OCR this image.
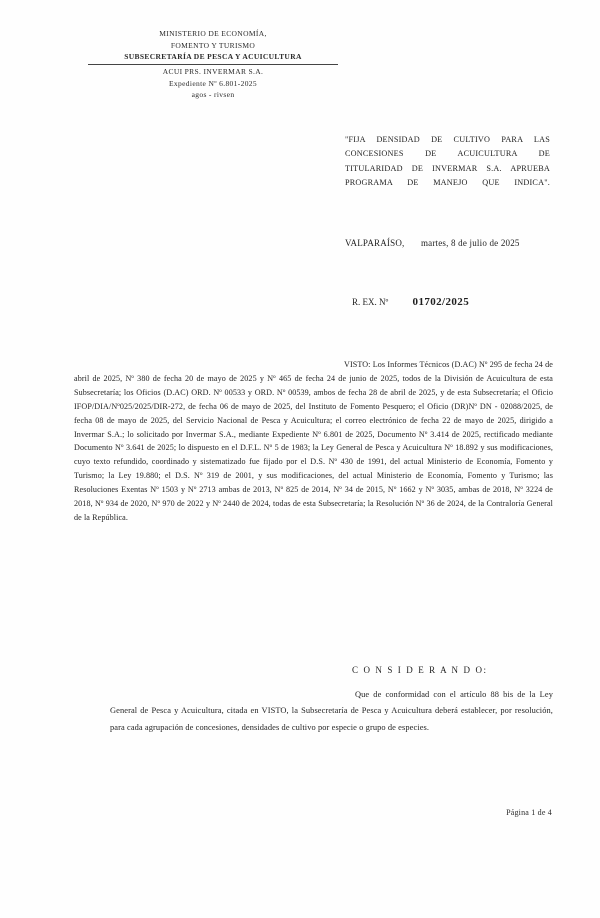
MINISTERIO DE ECONOMÍA,
FOMENTO Y TURISMO
SUBSECRETARÍA DE PESCA Y ACUICULTURA
ACUI PRS. INVERMAR S.A.
Expediente Nº 6.801-2025
agos - rivsen
"FIJA DENSIDAD DE CULTIVO PARA LAS CONCESIONES DE ACUICULTURA DE TITULARIDAD DE INVERMAR S.A. APRUEBA PROGRAMA DE MANEJO QUE INDICA".
VALPARAÍSO, martes, 8 de julio de 2025
R. EX. Nº 01702/2025
VISTO: Los Informes Técnicos (D.AC) Nº 295 de fecha 24 de abril de 2025, Nº 380 de fecha 20 de mayo de 2025 y Nº 465 de fecha 24 de junio de 2025, todos de la División de Acuicultura de esta Subsecretaría; los Oficios (D.AC) ORD. Nº 00533 y ORD. Nº 00539, ambos de fecha 28 de abril de 2025, y de esta Subsecretaría; el Oficio IFOP/DIA/Nº025/2025/DIR-272, de fecha 06 de mayo de 2025, del Instituto de Fomento Pesquero; el Oficio (DR)Nº DN - 02088/2025, de fecha 08 de mayo de 2025, del Servicio Nacional de Pesca y Acuicultura; el correo electrónico de fecha 22 de mayo de 2025, dirigido a Invermar S.A.; lo solicitado por Invermar S.A., mediante Expediente Nº 6.801 de 2025, Documento Nº 3.414 de 2025, rectificado mediante Documento Nº 3.641 de 2025; lo dispuesto en el D.F.L. Nº 5 de 1983; la Ley General de Pesca y Acuicultura Nº 18.892 y sus modificaciones, cuyo texto refundido, coordinado y sistematizado fue fijado por el D.S. Nº 430 de 1991, del actual Ministerio de Economía, Fomento y Turismo; la Ley 19.880; el D.S. Nº 319 de 2001, y sus modificaciones, del actual Ministerio de Economía, Fomento y Turismo; las Resoluciones Exentas Nº 1503 y Nº 2713 ambas de 2013, Nº 825 de 2014, Nº 34 de 2015, Nº 1662 y Nº 3035, ambas de 2018, Nº 3224 de 2018, Nº 934 de 2020, Nº 970 de 2022 y Nº 2440 de 2024, todas de esta Subsecretaría; la Resolución Nº 36 de 2024, de la Contraloría General de la República.
C O N S I D E R A N D O:
Que de conformidad con el artículo 88 bis de la Ley General de Pesca y Acuicultura, citada en VISTO, la Subsecretaría de Pesca y Acuicultura deberá establecer, por resolución, para cada agrupación de concesiones, densidades de cultivo por especie o grupo de especies.
Página 1 de 4
